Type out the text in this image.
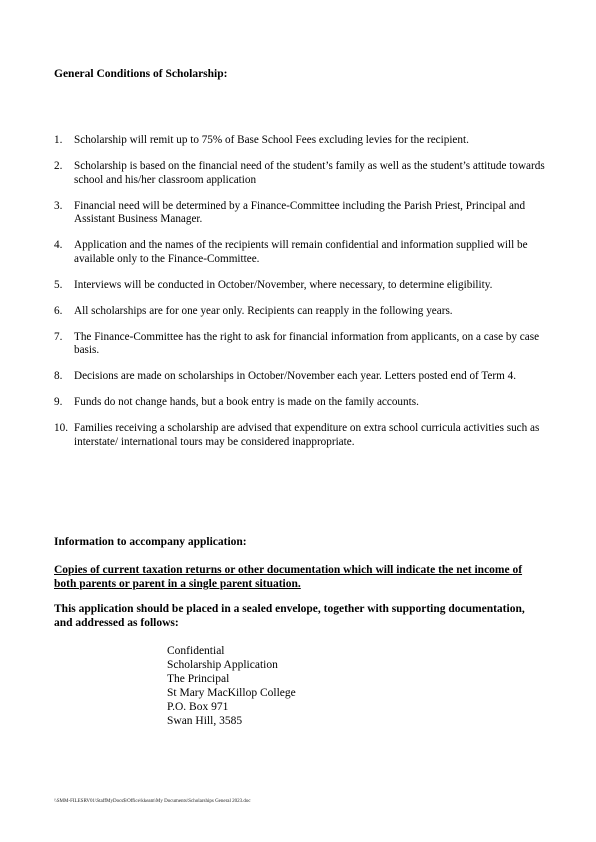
General Conditions of Scholarship:
1.	Scholarship will remit up to 75% of Base School Fees excluding levies for the recipient.
2.	Scholarship is based on the financial need of the student’s family as well as the student’s attitude towards school and his/her classroom application
3.	Financial need will be determined by a Finance-Committee including the Parish Priest, Principal and Assistant Business Manager.
4.	Application and the names of the recipients will remain confidential and information supplied will be available only to the Finance-Committee.
5.	Interviews will be conducted in October/November, where necessary, to determine eligibility.
6.	All scholarships are for one year only. Recipients can reapply in the following years.
7.	The Finance-Committee has the right to ask for financial information from applicants, on a case by case basis.
8.	Decisions are made on scholarships in October/November each year. Letters posted end of Term 4.
9.	Funds do not change hands, but a book entry is made on the family accounts.
10. Families receiving a scholarship are advised that expenditure on extra school curricula activities such as interstate/ international tours may be considered inappropriate.
Information to accompany application:
Copies of current taxation returns or other documentation which will indicate the net income of both parents or parent in a single parent situation.
This application should be placed in a sealed envelope, together with supporting documentation, and addressed as follows:
Confidential
Scholarship Application
The Principal
St Mary MacKillop College
P.O. Box 971
Swan Hill, 3585
\\SMM-FILESRV01\StaffMyDocs$\Office\kkeam\My Documents\Scholarships General 2023.doc
